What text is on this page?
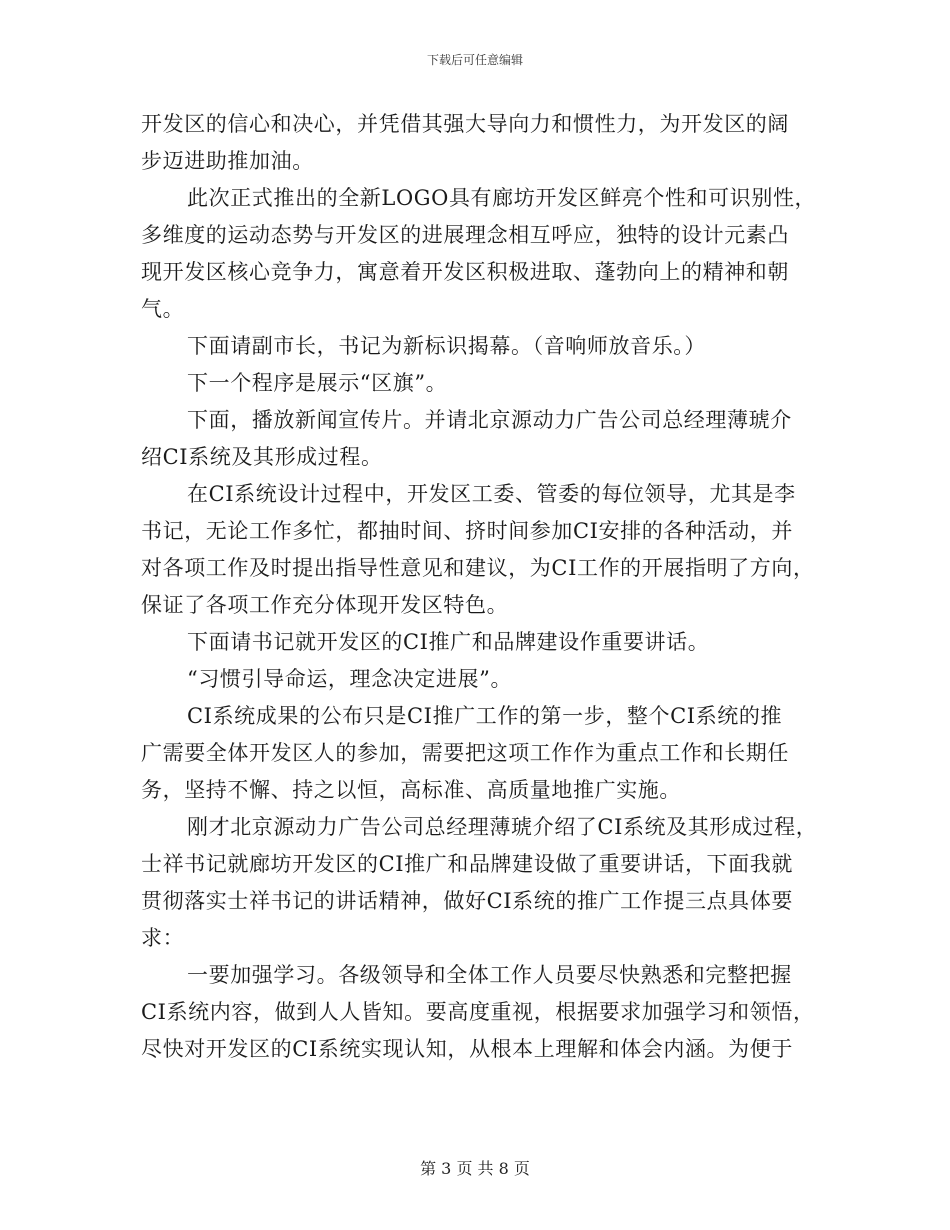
下载后可任意编辑
开发区的信心和决心，并凭借其强大导向力和惯性力，为开发区的阔
步迈进助推加油。
此次正式推出的全新LOGO具有廊坊开发区鲜亮个性和可识别性，
多维度的运动态势与开发区的进展理念相互呼应，独特的设计元素凸
现开发区核心竞争力，寓意着开发区积极进取、蓬勃向上的精神和朝
气。
下面请副市长，书记为新标识揭幕。（音响师放音乐。）
下一个程序是展示“区旗”。
下面，播放新闻宣传片。并请北京源动力广告公司总经理薄琥介
绍CI系统及其形成过程。
在CI系统设计过程中，开发区工委、管委的每位领导，尤其是李
书记，无论工作多忙，都抽时间、挤时间参加CI安排的各种活动，并
对各项工作及时提出指导性意见和建议，为CI工作的开展指明了方向，
保证了各项工作充分体现开发区特色。
下面请书记就开发区的CI推广和品牌建设作重要讲话。
“习惯引导命运，理念决定进展”。
CI系统成果的公布只是CI推广工作的第一步，整个CI系统的推
广需要全体开发区人的参加，需要把这项工作作为重点工作和长期任
务，坚持不懈、持之以恒，高标准、高质量地推广实施。
刚才北京源动力广告公司总经理薄琥介绍了CI系统及其形成过程，
士祥书记就廊坊开发区的CI推广和品牌建设做了重要讲话，下面我就
贯彻落实士祥书记的讲话精神，做好CI系统的推广工作提三点具体要
求：
一要加强学习。各级领导和全体工作人员要尽快熟悉和完整把握
CI系统内容，做到人人皆知。要高度重视，根据要求加强学习和领悟，
尽快对开发区的CI系统实现认知，从根本上理解和体会内涵。为便于
第 3 页 共 8 页
